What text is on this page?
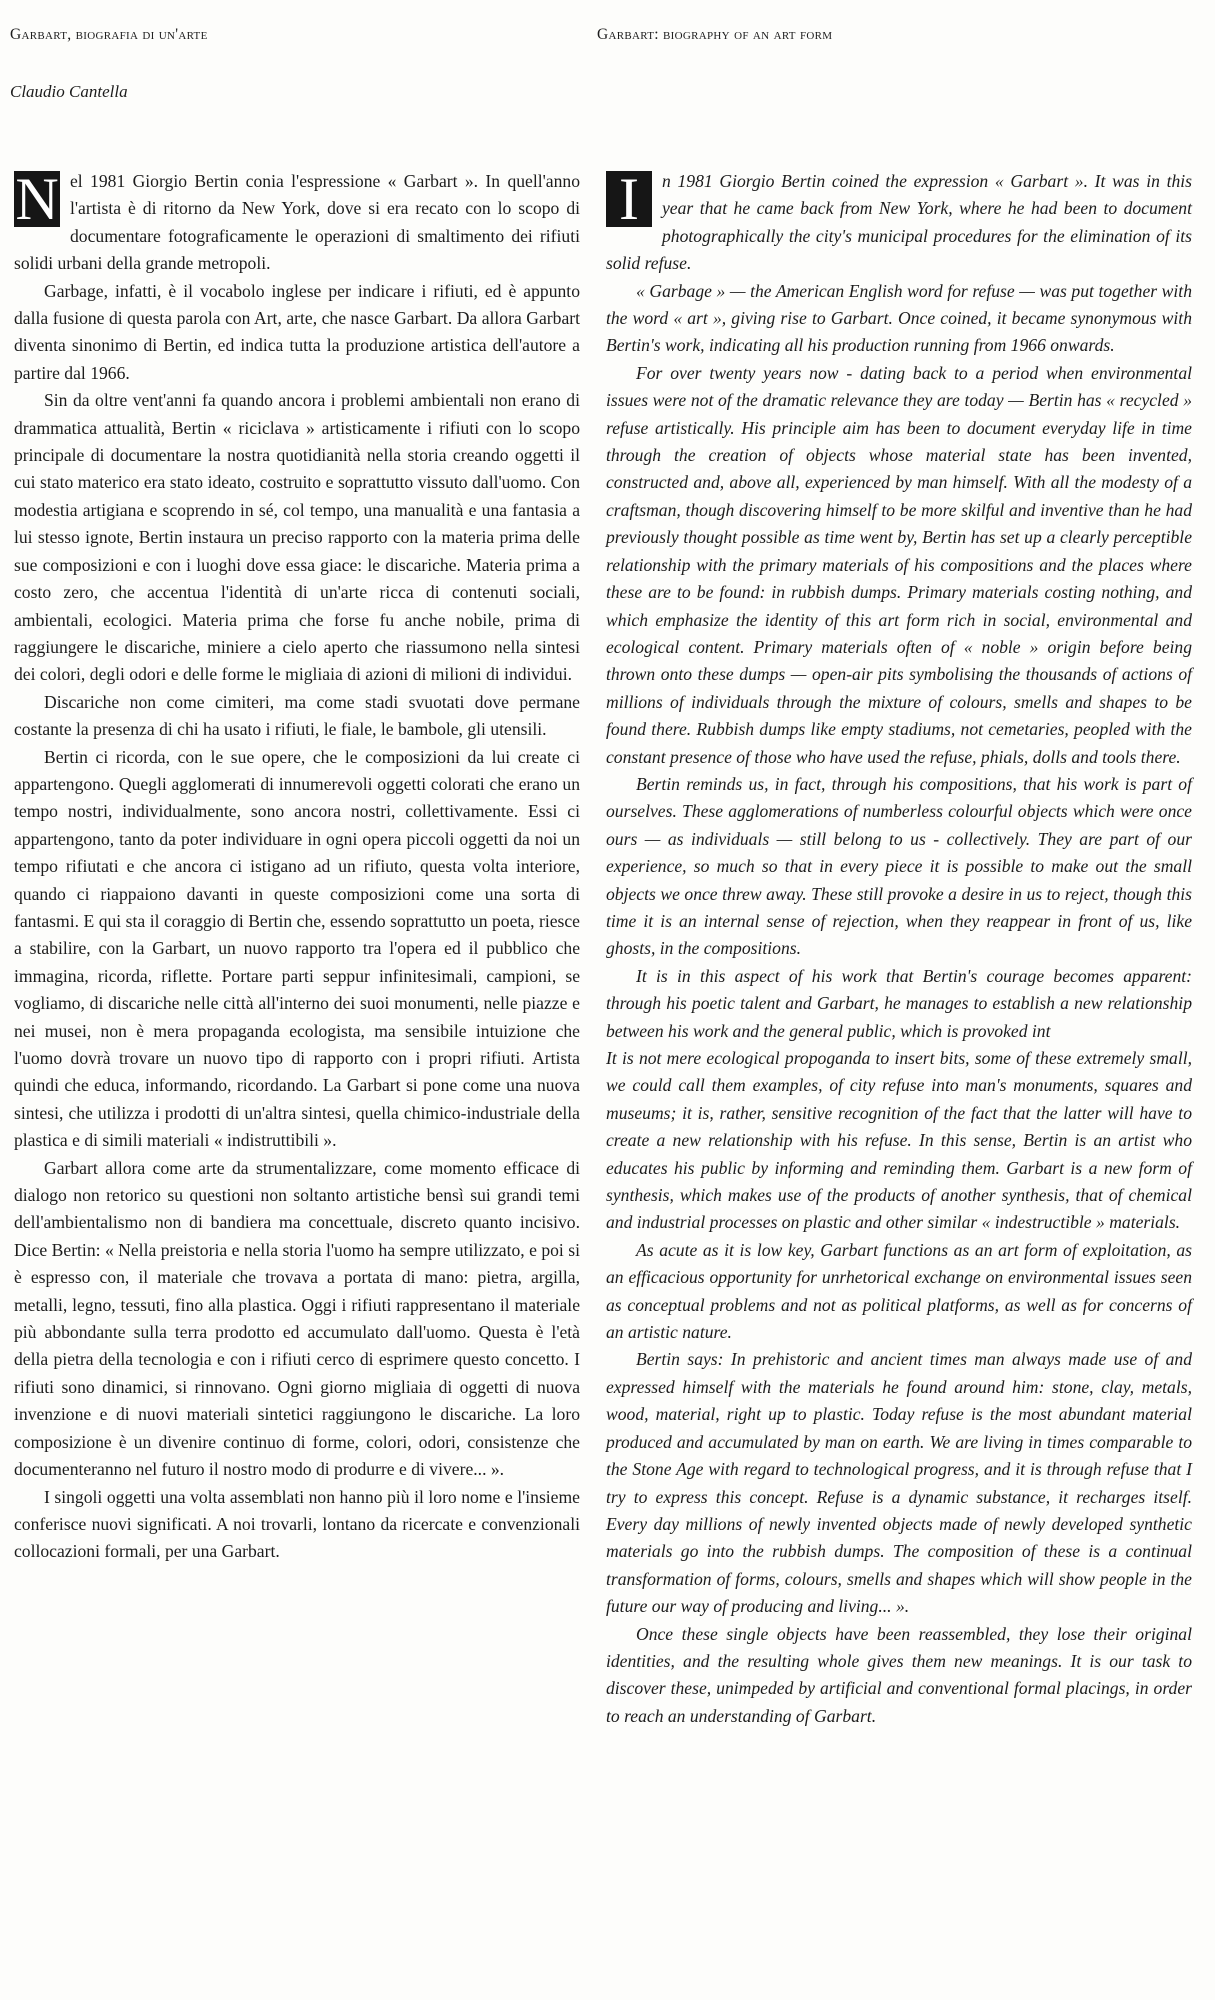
Garbart, biografia di un'arte	Garbart: biography of an art form
Claudio Cantella

N el 1981 Giorgio Bertin conia l'espressione « Garbart ». In quell'anno l'artista è di ritorno da New York, dove si era recato con lo scopo di documentare fotograficamente le operazioni di smaltimento dei rifiuti solidi urbani della grande metropoli.

Garbage, infatti, è il vocabolo inglese per indicare i rifiuti, ed è appunto dalla fusione di questa parola con Art, arte, che nasce Garbart. Da allora Garbart diventa sinonimo di Bertin, ed indica tutta la produzione artistica dell'autore a partire dal 1966.

Sin da oltre vent'anni fa quando ancora i problemi ambientali non erano di drammatica attualità, Bertin « riciclava » artisticamente i rifiuti con lo scopo principale di documentare la nostra quotidianità nella storia creando oggetti il cui stato materico era stato ideato, costruito e soprattutto vissuto dall'uomo. Con modestia artigiana e scoprendo in sé, col tempo, una manualità e una fantasia a lui stesso ignote, Bertin instaura un preciso rapporto con la materia prima delle sue composizioni e con i luoghi dove essa giace: le discariche. Materia prima a costo zero, che accentua l'identità di un'arte ricca di contenuti sociali, ambientali, ecologici. Materia prima che forse fu anche nobile, prima di raggiungere le discariche, miniere a cielo aperto che riassumono nella sintesi dei colori, degli odori e delle forme le migliaia di azioni di milioni di individui.

Discariche non come cimiteri, ma come stadi svuotati dove permane costante la presenza di chi ha usato i rifiuti, le fiale, le bambole, gli utensili.

Bertin ci ricorda, con le sue opere, che le composizioni da lui create ci appartengono. Quegli agglomerati di innumerevoli oggetti colorati che erano un tempo nostri, individualmente, sono ancora nostri, collettivamente. Essi ci appartengono, tanto da poter individuare in ogni opera piccoli oggetti da noi un tempo rifiutati e che ancora ci istigano ad un rifiuto, questa volta interiore, quando ci riappaiono davanti in queste composizioni come una sorta di fantasmi. E qui sta il coraggio di Bertin che, essendo soprattutto un poeta, riesce a stabilire, con la Garbart, un nuovo rapporto tra l'opera ed il pubblico che immagina, ricorda, riflette. Portare parti seppur infinitesimali, campioni, se vogliamo, di discariche nelle città all'interno dei suoi monumenti, nelle piazze e nei musei, non è mera propaganda ecologista, ma sensibile intuizione che l'uomo dovrà trovare un nuovo tipo di rapporto con i propri rifiuti. Artista quindi che educa, informando, ricordando. La Garbart si pone come una nuova sintesi, che utilizza i prodotti di un'altra sintesi, quella chimico-industriale della plastica e di simili materiali « indistruttibili ».

Garbart allora come arte da strumentalizzare, come momento efficace di dialogo non retorico su questioni non soltanto artistiche bensì sui grandi temi dell'ambientalismo non di bandiera ma concettuale, discreto quanto incisivo. Dice Bertin: « Nella preistoria e nella storia l'uomo ha sempre utilizzato, e poi si è espresso con, il materiale che trovava a portata di mano: pietra, argilla, metalli, legno, tessuti, fino alla plastica. Oggi i rifiuti rappresentano il materiale più abbondante sulla terra prodotto ed accumulato dall'uomo. Questa è l'età della pietra della tecnologia e con i rifiuti cerco di esprimere questo concetto. I rifiuti sono dinamici, si rinnovano. Ogni giorno migliaia di oggetti di nuova invenzione e di nuovi materiali sintetici raggiungono le discariche. La loro composizione è un divenire continuo di forme, colori, odori, consistenze che documenteranno nel futuro il nostro modo di produrre e di vivere... ».

I singoli oggetti una volta assemblati non hanno più il loro nome e l'insieme conferisce nuovi significati. A noi trovarli, lontano da ricercate e convenzionali collocazioni formali, per una Garbart.

I	n 1981 Giorgio Bertin coined the expression « Garbart ». It was in this year that he came back from New York, where he had been to document photographically the city's municipal procedures for the elimination of its solid refuse.

« Garbage » — the American English word for refuse — was put together with the word « art », giving rise to Garbart. Once coined, it became synonymous with Bertin's work, indicating all his production running from 1966 onwards.

For over twenty years now - dating back to a period when environmental issues were not of the dramatic relevance they are today — Bertin has « recycled » refuse artistically. His principle aim has been to document everyday life in time through the creation of objects whose material state has been invented, constructed and, above all, experienced by man himself. With all the modesty of a craftsman, though discovering himself to be more skilful and inventive than he had previously thought possible as time went by, Bertin has set up a clearly perceptible relationship with the primary materials of his compositions and the places where these are to be found: in rubbish dumps. Primary materials costing nothing, and which emphasize the identity of this art form rich in social, environmental and ecological content. Primary materials often of « noble » origin before being thrown onto these dumps — open-air pits symbolising the thousands of actions of millions of individuals through the mixture of colours, smells and shapes to be found there. Rubbish dumps like empty stadiums, not cemetaries, peopled with the constant presence of those who have used the refuse, phials, dolls and tools there.

Bertin reminds us, in fact, through his compositions, that his work is part of ourselves. These agglomerations of numberless colourful objects which were once ours — as individuals — still belong to us - collectively. They are part of our experience, so much so that in every piece it is possible to make out the small objects we once threw away. These still provoke a desire in us to reject, though this time it is an internal sense of rejection, when they reappear in front of us, like ghosts, in the compositions.

It is in this aspect of his work that Bertin's courage becomes apparent: through his poetic talent and Garbart, he manages to establish a new relationship between his work and the general public, which is provoked int

It is not mere ecological propoganda to insert bits, some of these extremely small, we could call them examples, of city refuse into man's monuments, squares and museums; it is, rather, sensitive recognition of the fact that the latter will have to create a new relationship with his refuse. In this sense, Bertin is an artist who educates his public by informing and reminding them. Garbart is a new form of synthesis, which makes use of the products of another synthesis, that of chemical and industrial processes on plastic and other similar « indestructible » materials.

As acute as it is low key, Garbart functions as an art form of exploitation, as an efficacious opportunity for unrhetorical exchange on environmental issues seen as conceptual problems and not as political platforms, as well as for concerns of an artistic nature.

Bertin says: In prehistoric and ancient times man always made use of and expressed himself with the materials he found around him: stone, clay, metals, wood, material, right up to plastic. Today refuse is the most abundant material produced and accumulated by man on earth. We are living in times comparable to the Stone Age with regard to technological progress, and it is through refuse that I try to express this concept. Refuse is a dynamic substance, it recharges itself. Every day millions of newly invented objects made of newly developed synthetic materials go into the rubbish dumps. The composition of these is a continual transformation of forms, colours, smells and shapes which will show people in the future our way of producing and living... ».

Once these single objects have been reassembled, they lose their original identities, and the resulting whole gives them new meanings. It is our task to discover these, unimpeded by artificial and conventional formal placings, in order to reach an understanding of Garbart.
